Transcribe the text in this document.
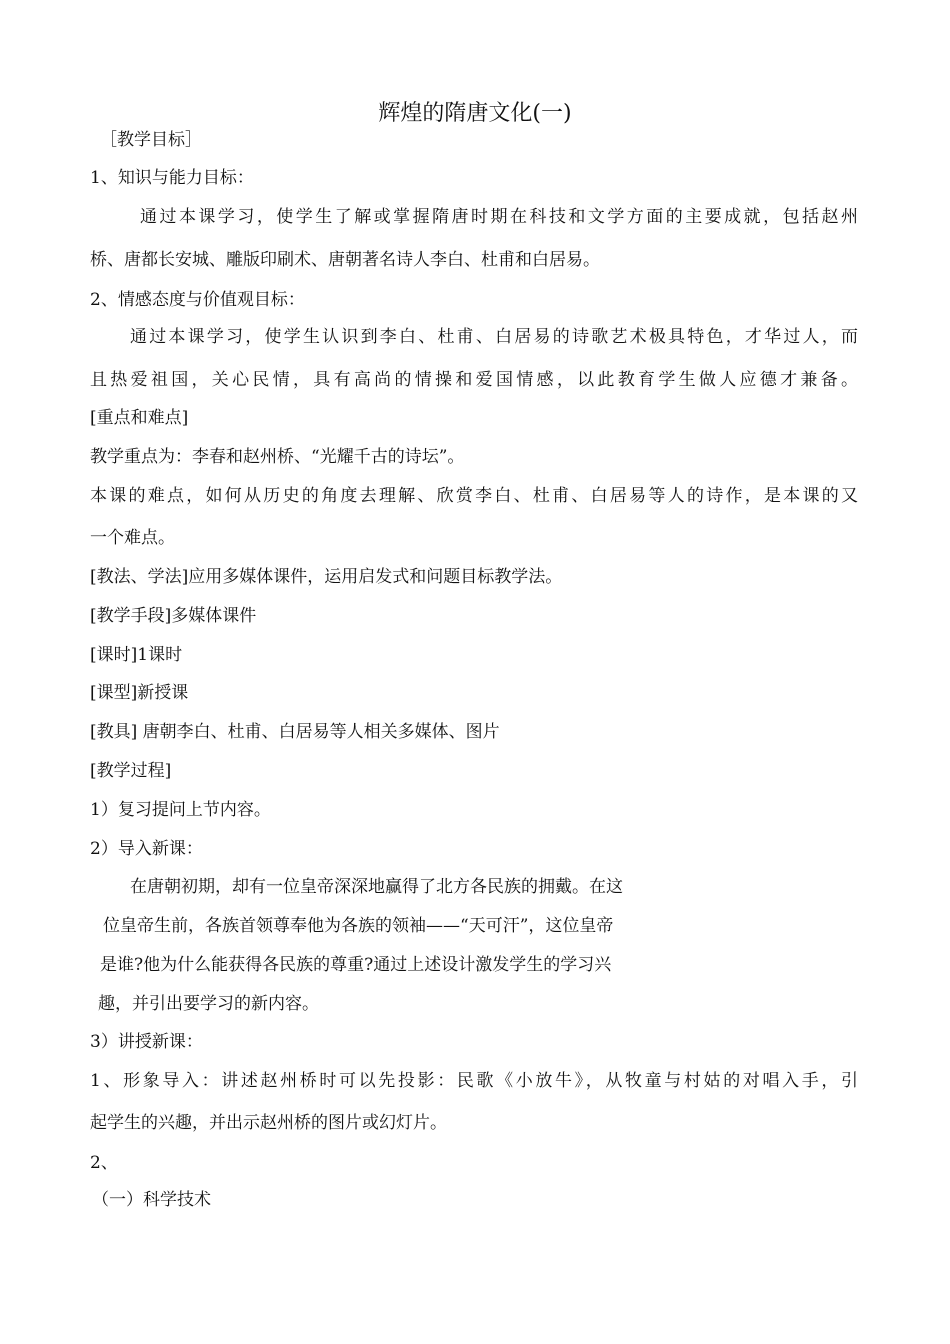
辉煌的隋唐文化(一)

［教学目标］

1、知识与能力目标：

通过本课学习，使学生了解或掌握隋唐时期在科技和文学方面的主要成就，包括赵州

桥、唐都长安城、雕版印刷术、唐朝著名诗人李白、杜甫和白居易。

2、情感态度与价值观目标：

通过本课学习，使学生认识到李白、杜甫、白居易的诗歌艺术极具特色，才华过人，而

且热爱祖国，关心民情，具有高尚的情操和爱国情感，以此教育学生做人应德才兼备。

[重点和难点]

教学重点为：李春和赵州桥、“光耀千古的诗坛”。

本课的难点，如何从历史的角度去理解、欣赏李白、杜甫、白居易等人的诗作，是本课的又

一个难点。

[教法、学法]应用多媒体课件，运用启发式和问题目标教学法。

[教学手段]多媒体课件

[课时]1课时

[课型]新授课

[教具] 唐朝李白、杜甫、白居易等人相关多媒体、图片

[教学过程]

1）复习提问上节内容。

2）导入新课：

在唐朝初期，却有一位皇帝深深地赢得了北方各民族的拥戴。在这

位皇帝生前，各族首领尊奉他为各族的领袖——“天可汗”，这位皇帝

是谁?他为什么能获得各民族的尊重?通过上述设计激发学生的学习兴

趣，并引出要学习的新内容。

3）讲授新课：

1、形象导入：讲述赵州桥时可以先投影：民歌《小放牛》，从牧童与村姑的对唱入手，引

起学生的兴趣，并出示赵州桥的图片或幻灯片。

2、

（一）科学技术
